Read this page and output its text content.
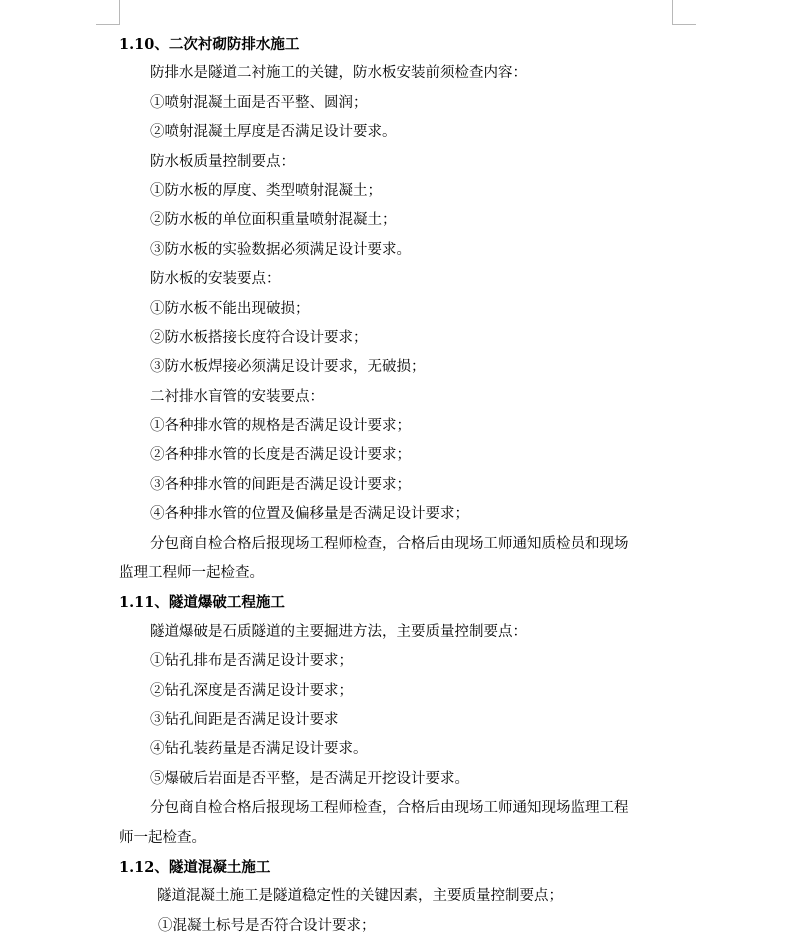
1.10、二次衬砌防排水施工
防排水是隧道二衬施工的关键，防水板安装前须检查内容：
①喷射混凝土面是否平整、圆润；
②喷射混凝土厚度是否满足设计要求。
防水板质量控制要点：
①防水板的厚度、类型喷射混凝土；
②防水板的单位面积重量喷射混凝土；
③防水板的实验数据必须满足设计要求。
防水板的安装要点：
①防水板不能出现破损；
②防水板搭接长度符合设计要求；
③防水板焊接必须满足设计要求，无破损；
二衬排水盲管的安装要点：
①各种排水管的规格是否满足设计要求；
②各种排水管的长度是否满足设计要求；
③各种排水管的间距是否满足设计要求；
④各种排水管的位置及偏移量是否满足设计要求；
分包商自检合格后报现场工程师检查，合格后由现场工师通知质检员和现场
监理工程师一起检查。
1.11、隧道爆破工程施工
隧道爆破是石质隧道的主要掘进方法，主要质量控制要点：
①钻孔排布是否满足设计要求；
②钻孔深度是否满足设计要求；
③钻孔间距是否满足设计要求
④钻孔装药量是否满足设计要求。
⑤爆破后岩面是否平整，是否满足开挖设计要求。
分包商自检合格后报现场工程师检查，合格后由现场工师通知现场监理工程
师一起检查。
1.12、隧道混凝土施工
隧道混凝土施工是隧道稳定性的关键因素，主要质量控制要点；
①混凝土标号是否符合设计要求；
